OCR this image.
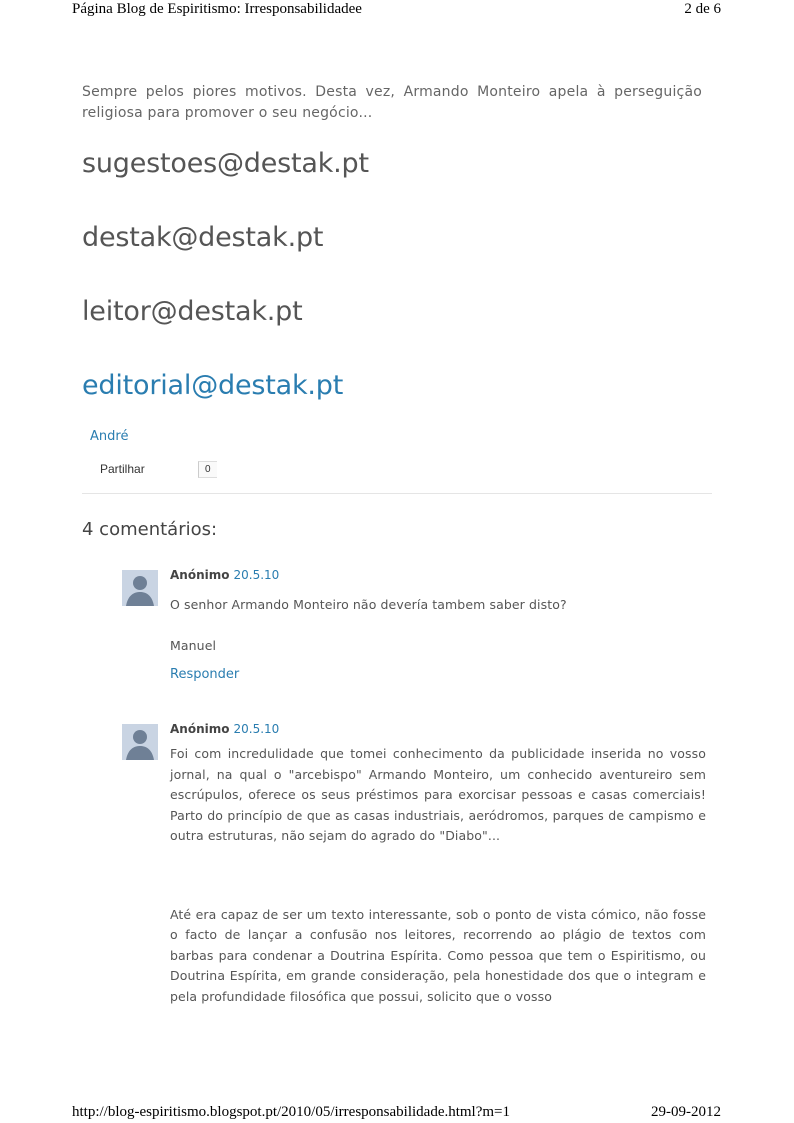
Página Blog de Espiritismo: Irresponsabilidadee	2 de 6

Sempre pelos piores motivos. Desta vez, Armando Monteiro apela à perseguição religiosa para promover o seu negócio...

sugestoes@destak.pt
destak@destak.pt
leitor@destak.pt
editorial@destak.pt
André
Partilhar	0
4 comentários:
Anónimo 20.5.10

O senhor Armando Monteiro não devería tambem saber disto?

Manuel

Responder
Anónimo 20.5.10

Foi com incredulidade que tomei conhecimento da publicidade inserida no vosso jornal, na qual o "arcebispo" Armando Monteiro, um conhecido aventureiro sem escrúpulos, oferece os seus préstimos para exorcisar pessoas e casas comerciais! Parto do princípio de que as casas industriais, aeródromos, parques de campismo e outra estruturas, não sejam do agrado do "Diabo"...

Até era capaz de ser um texto interessante, sob o ponto de vista cómico, não fosse o facto de lançar a confusão nos leitores, recorrendo ao plágio de textos com barbas para condenar a Doutrina Espírita. Como pessoa que tem o Espiritismo, ou Doutrina Espírita, em grande consideração, pela honestidade dos que o integram e pela profundidade filosófica que possui, solicito que o vosso

http://blog-espiritismo.blogspot.pt/2010/05/irresponsabilidade.html?m=1	29-09-2012
